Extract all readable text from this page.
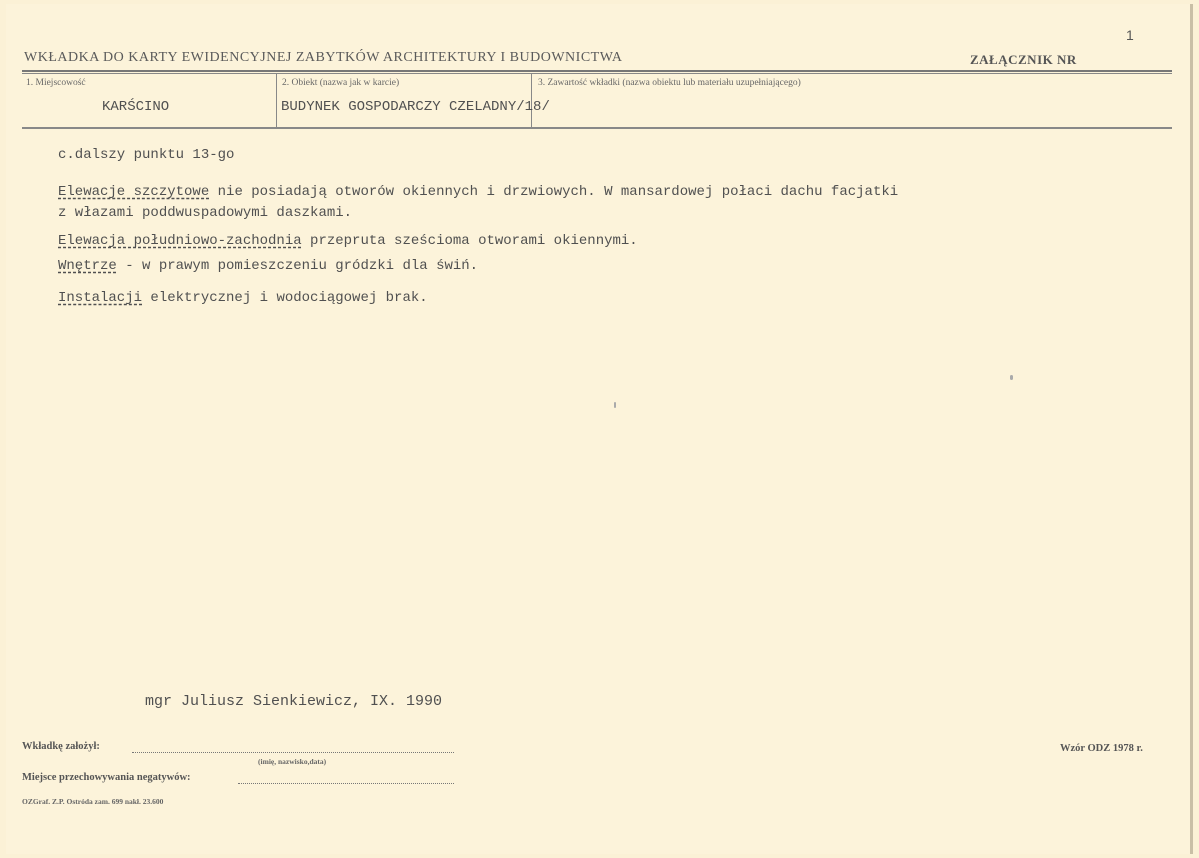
1
WKŁADKA DO KARTY EWIDENCYJNEJ ZABYTKÓW ARCHITEKTURY I BUDOWNICTWA	ZAŁĄCZNIK NR
1. Miejscowość
KARŚCINO
2. Obiekt (nazwa jak w karcie)
BUDYNEK GOSPODARCZY CZELADNY/18/
3. Zawartość wkładki (nazwa obiektu lub materiału uzupełniającego)
c.dalszy punktu 13-go
Elewacje szczytowe nie posiadają otworów okiennych i drzwiowych. W mansardowej połaci dachu facjatki
z włazami poddwuspadowymi daszkami.
Elewacja południowo-zachodnia przepruta sześcioma otworami okiennymi.
Wnętrze - w prawym pomieszczeniu gródzki dla świń.
Instalacji elektrycznej i wodociągowej brak.
mgr Juliusz Sienkiewicz, IX. 1990
Wkładkę założył:
(imię, nazwisko,data)
Miejsce przechowywania negatywów:
Wzór ODZ 1978 r.
OZGraf. Z.P. Ostróda zam. 699 nakł. 23.600
